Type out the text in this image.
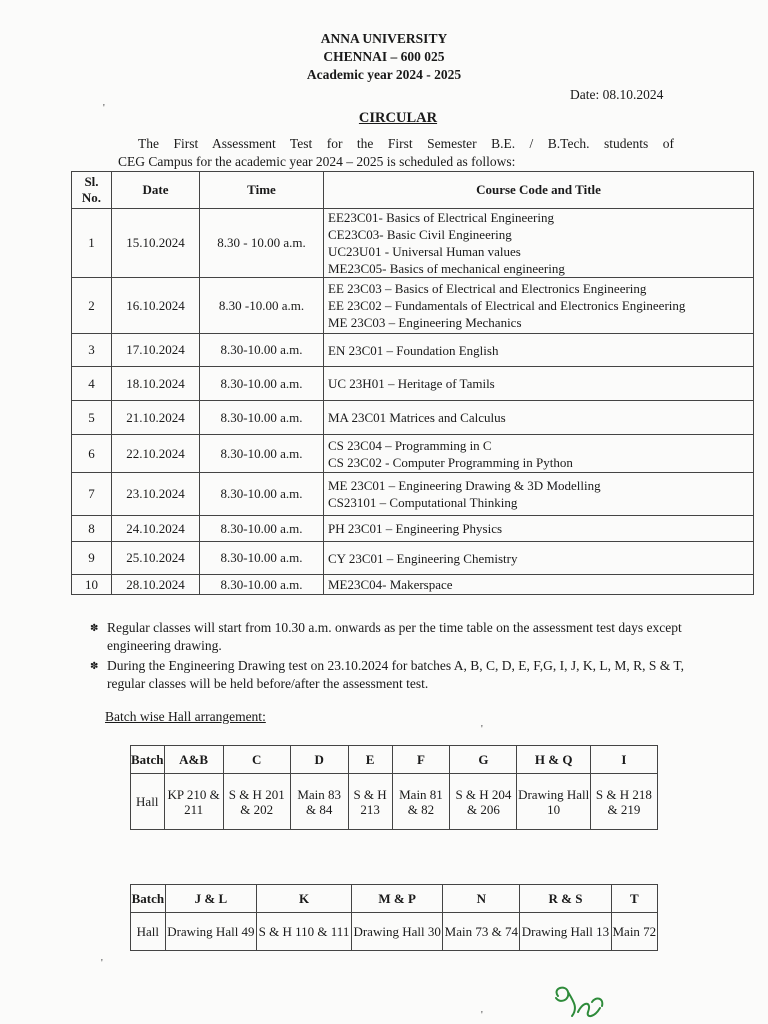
ANNA UNIVERSITY
CHENNAI – 600 025
Academic year 2024 - 2025
Date: 08.10.2024
CIRCULAR
The First Assessment Test for the First Semester B.E. / B.Tech. students of
CEG Campus for the academic year 2024 – 2025 is scheduled as follows:
Sl.
No.	Date	Time	Course Code and Title
1	15.10.2024	8.30 - 10.00 a.m.	EE23C01- Basics of Electrical Engineering
CE23C03- Basic Civil Engineering
UC23U01 - Universal Human values
ME23C05- Basics of mechanical engineering

2	16.10.2024	8.30 -10.00 a.m.	EE 23C03 – Basics of Electrical and Electronics Engineering
EE 23C02 – Fundamentals of Electrical and Electronics Engineering
ME 23C03 – Engineering Mechanics

3	17.10.2024	8.30-10.00 a.m.	EN 23C01 – Foundation English

4	18.10.2024	8.30-10.00 a.m.	UC 23H01 – Heritage of Tamils

5	21.10.2024	8.30-10.00 a.m.	MA 23C01 Matrices and Calculus

6	22.10.2024	8.30-10.00 a.m.	CS 23C04 – Programming in C
CS 23C02 - Computer Programming in Python

7	23.10.2024	8.30-10.00 a.m.	ME 23C01 – Engineering Drawing & 3D Modelling
CS23101 – Computational Thinking

8	24.10.2024	8.30-10.00 a.m.	PH 23C01 – Engineering Physics

9	25.10.2024	8.30-10.00 a.m.	CY 23C01 – Engineering Chemistry

10	28.10.2024	8.30-10.00 a.m.	ME23C04- Makerspace
✽ Regular classes will start from 10.30 a.m. onwards as per the time table on the assessment test days except engineering drawing.
✽ During the Engineering Drawing test on 23.10.2024 for batches A, B, C, D, E, F,G, I, J, K, L, M, R, S & T, regular classes will be held before/after the assessment test.
Batch wise Hall arrangement:
Batch	A&B	C	D	E	F	G	H & Q	I
Hall	KP 210 & 211	S & H 201 & 202	Main 83 & 84	S & H 213	Main 81 & 82	S & H 204 & 206	Drawing Hall 10	S & H 218 & 219
Batch	J & L	K	M & P	N	R & S	T
Hall	Drawing Hall 49	S & H 110 & 111	Drawing Hall 30	Main 73 & 74	Drawing Hall 13	Main 72
'
'
'
'
